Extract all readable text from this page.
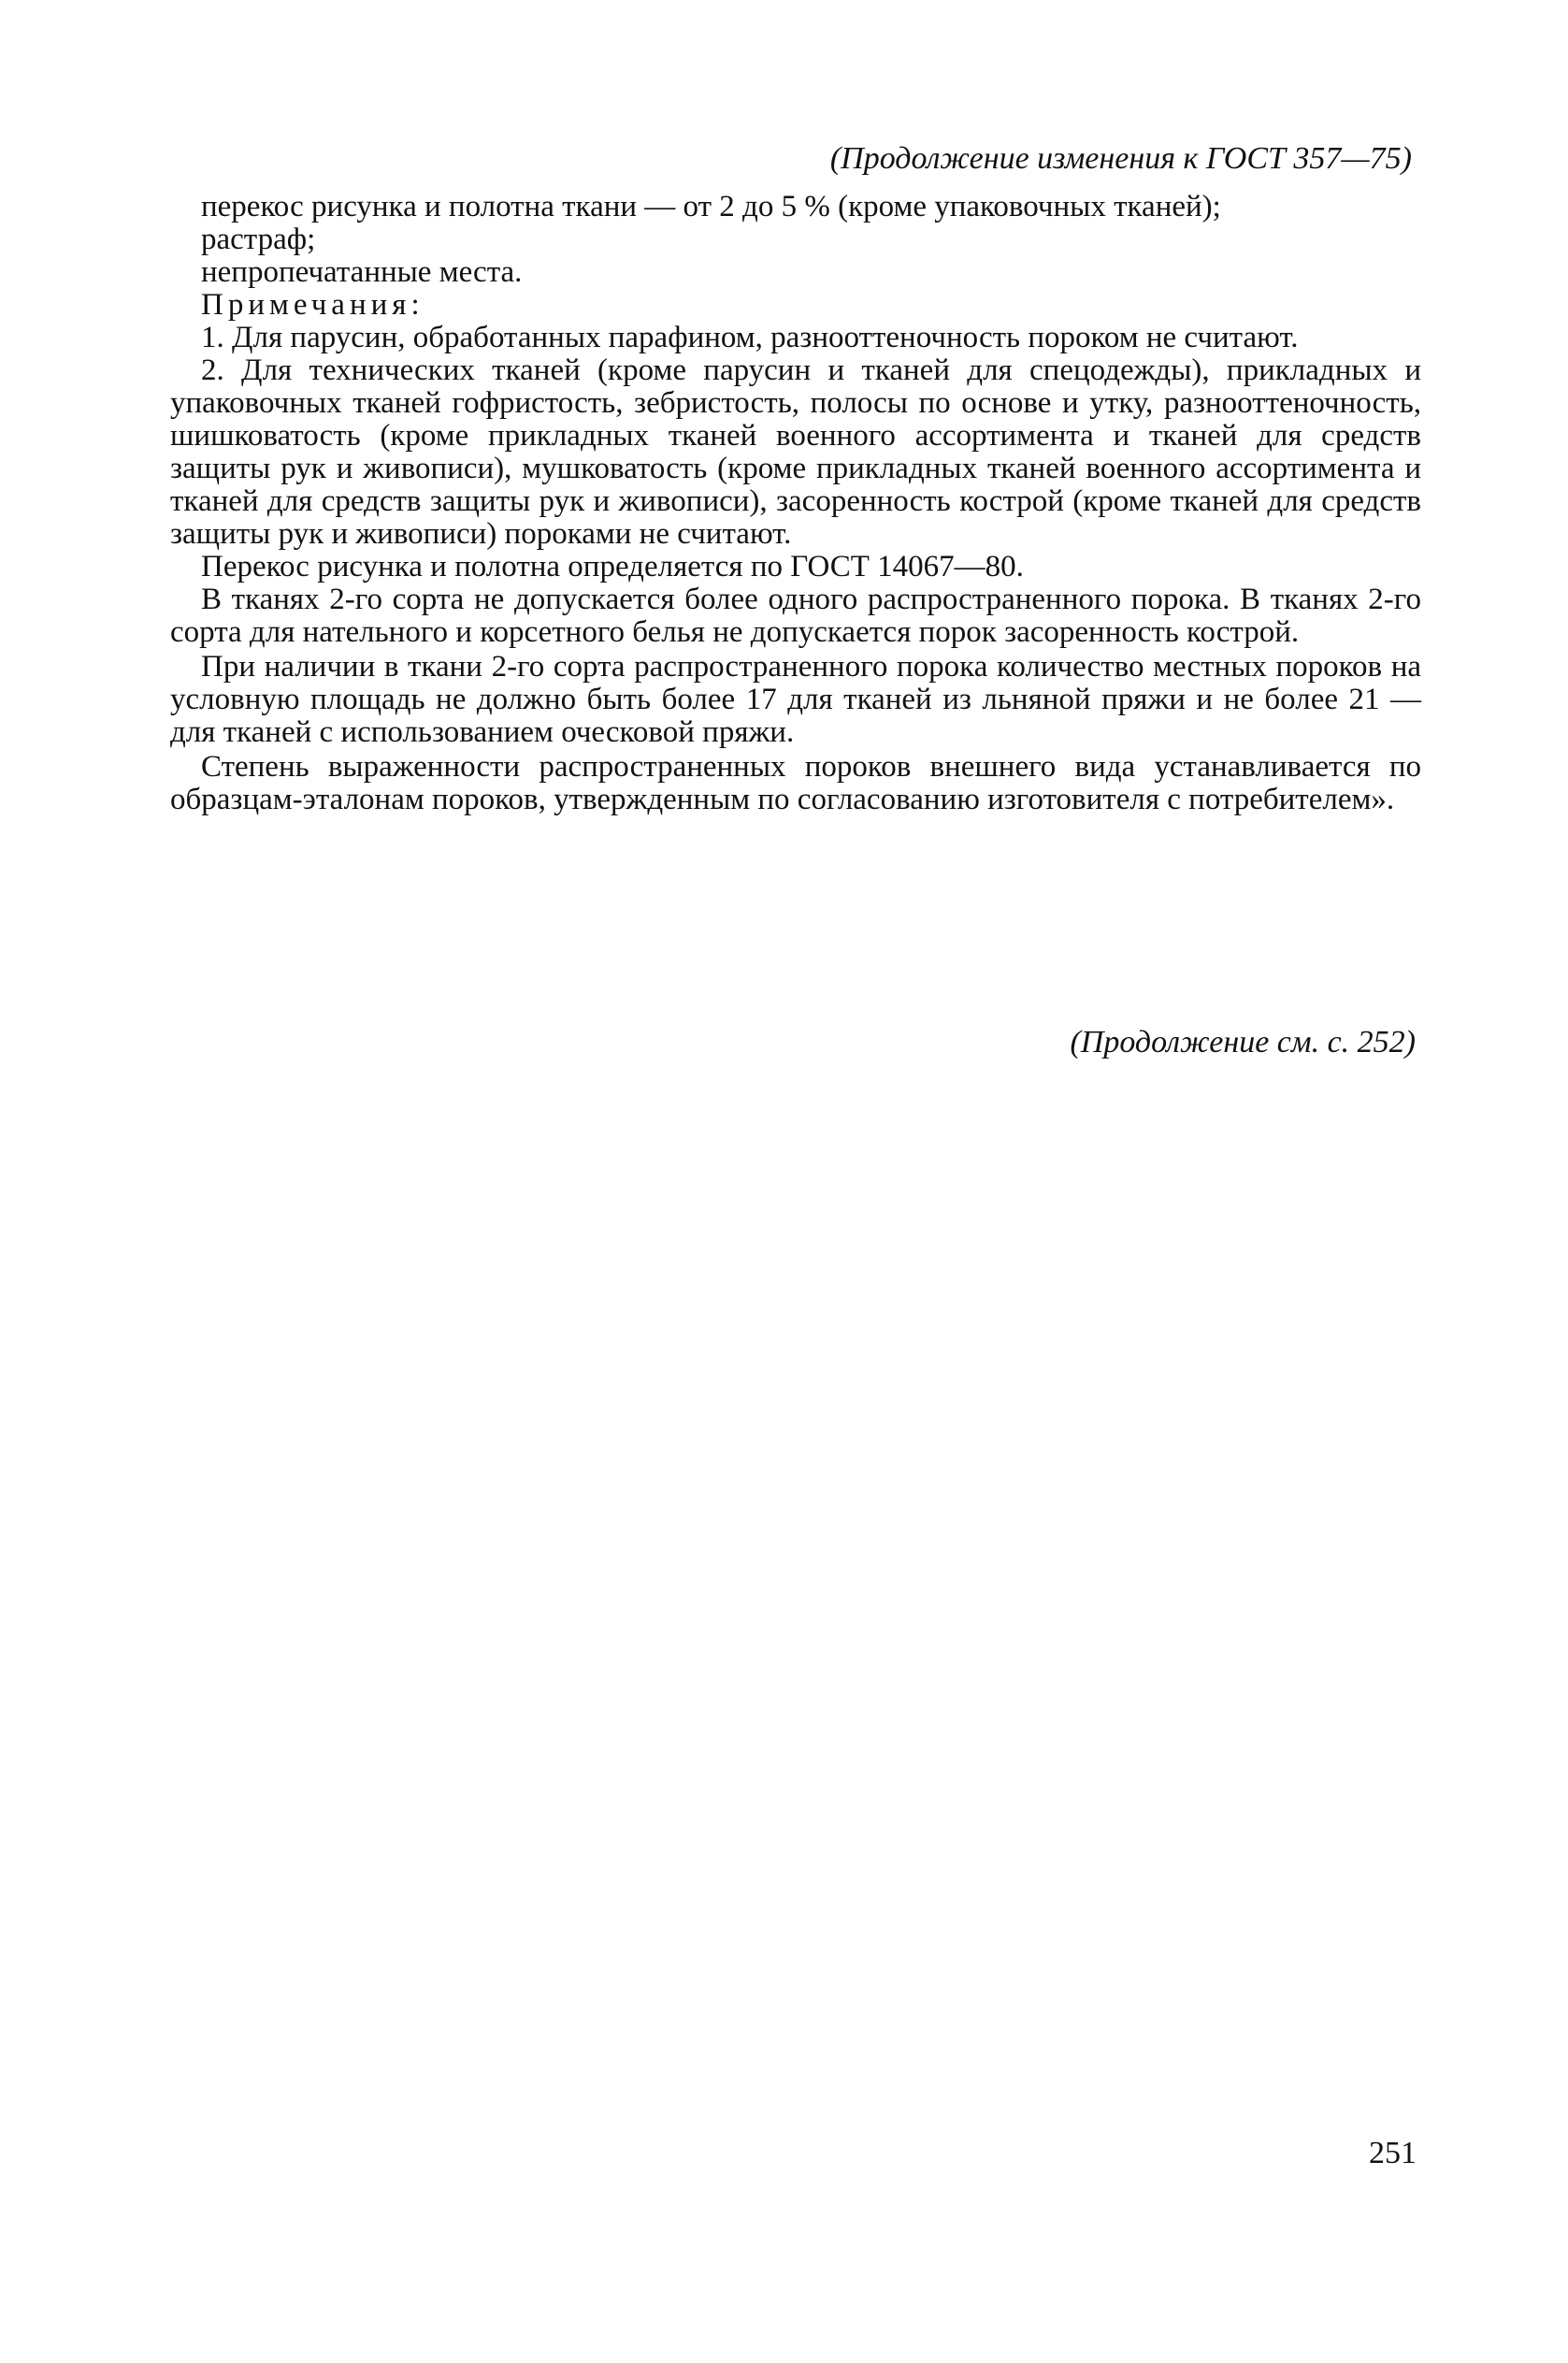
(Продолжение изменения к ГОСТ 357—75)

перекос рисунка и полотна ткани — от 2 до 5 % (кроме упаковочных тканей);

растраф;

непропечатанные места.

Примечания:

1. Для парусин, обработанных парафином, разнооттеночность пороком не считают.

2. Для технических тканей (кроме парусин и тканей для спецодежды), прикладных и упаковочных тканей гофристость, зебристость, полосы по основе и утку, разнооттеночность, шишковатость (кроме прикладных тканей военного ассортимента и тканей для средств защиты рук и живописи), мушковатость (кроме прикладных тканей военного ассортимента и тканей для средств защиты рук и живописи), засоренность кострой (кроме тканей для средств защиты рук и живописи) пороками не считают.

Перекос рисунка и полотна определяется по ГОСТ 14067—80.

В тканях 2-го сорта не допускается более одного распространенного порока. В тканях 2-го сорта для нательного и корсетного белья не допускается порок засоренность кострой.

При наличии в ткани 2-го сорта распространенного порока количество местных пороков на условную площадь не должно быть более 17 для тканей из льняной пряжи и не более 21 — для тканей с использованием оческовой пряжи.

Степень выраженности распространенных пороков внешнего вида устанавливается по образцам-эталонам пороков, утвержденным по согласованию изготовителя с потребителем».

(Продолжение см. с. 252)
251
